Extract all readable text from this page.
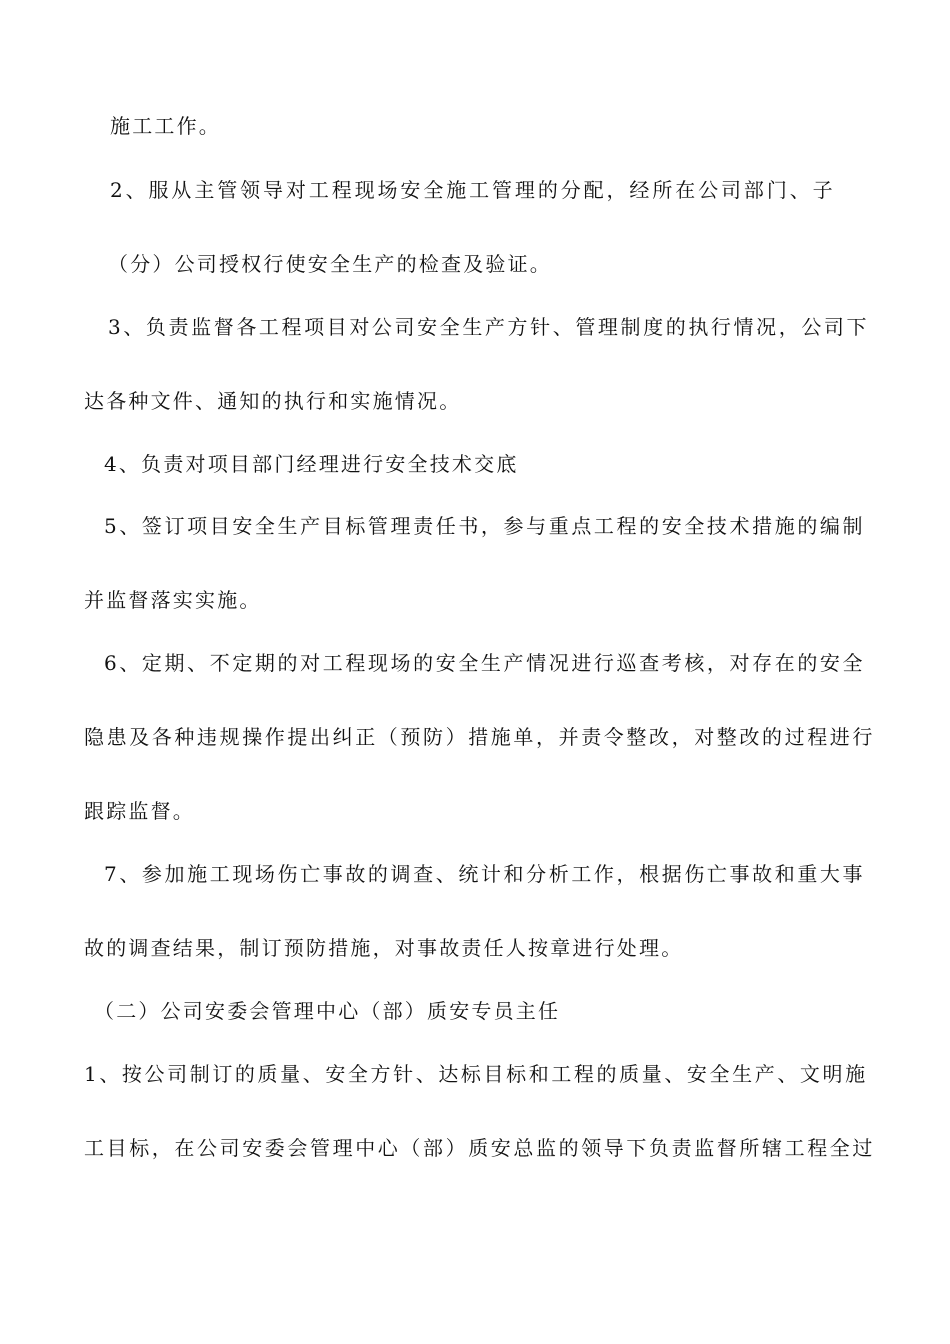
施工工作。
2、服从主管领导对工程现场安全施工管理的分配，经所在公司部门、子
（分）公司授权行使安全生产的检查及验证。
3、负责监督各工程项目对公司安全生产方针、管理制度的执行情况，公司下
达各种文件、通知的执行和实施情况。
4、负责对项目部门经理进行安全技术交底
5、签订项目安全生产目标管理责任书，参与重点工程的安全技术措施的编制
并监督落实实施。
6、定期、不定期的对工程现场的安全生产情况进行巡查考核，对存在的安全
隐患及各种违规操作提出纠正（预防）措施单，并责令整改，对整改的过程进行
跟踪监督。
7、参加施工现场伤亡事故的调查、统计和分析工作，根据伤亡事故和重大事
故的调查结果，制订预防措施，对事故责任人按章进行处理。
（二）公司安委会管理中心（部）质安专员主任
1、按公司制订的质量、安全方针、达标目标和工程的质量、安全生产、文明施
工目标，在公司安委会管理中心（部）质安总监的领导下负责监督所辖工程全过
